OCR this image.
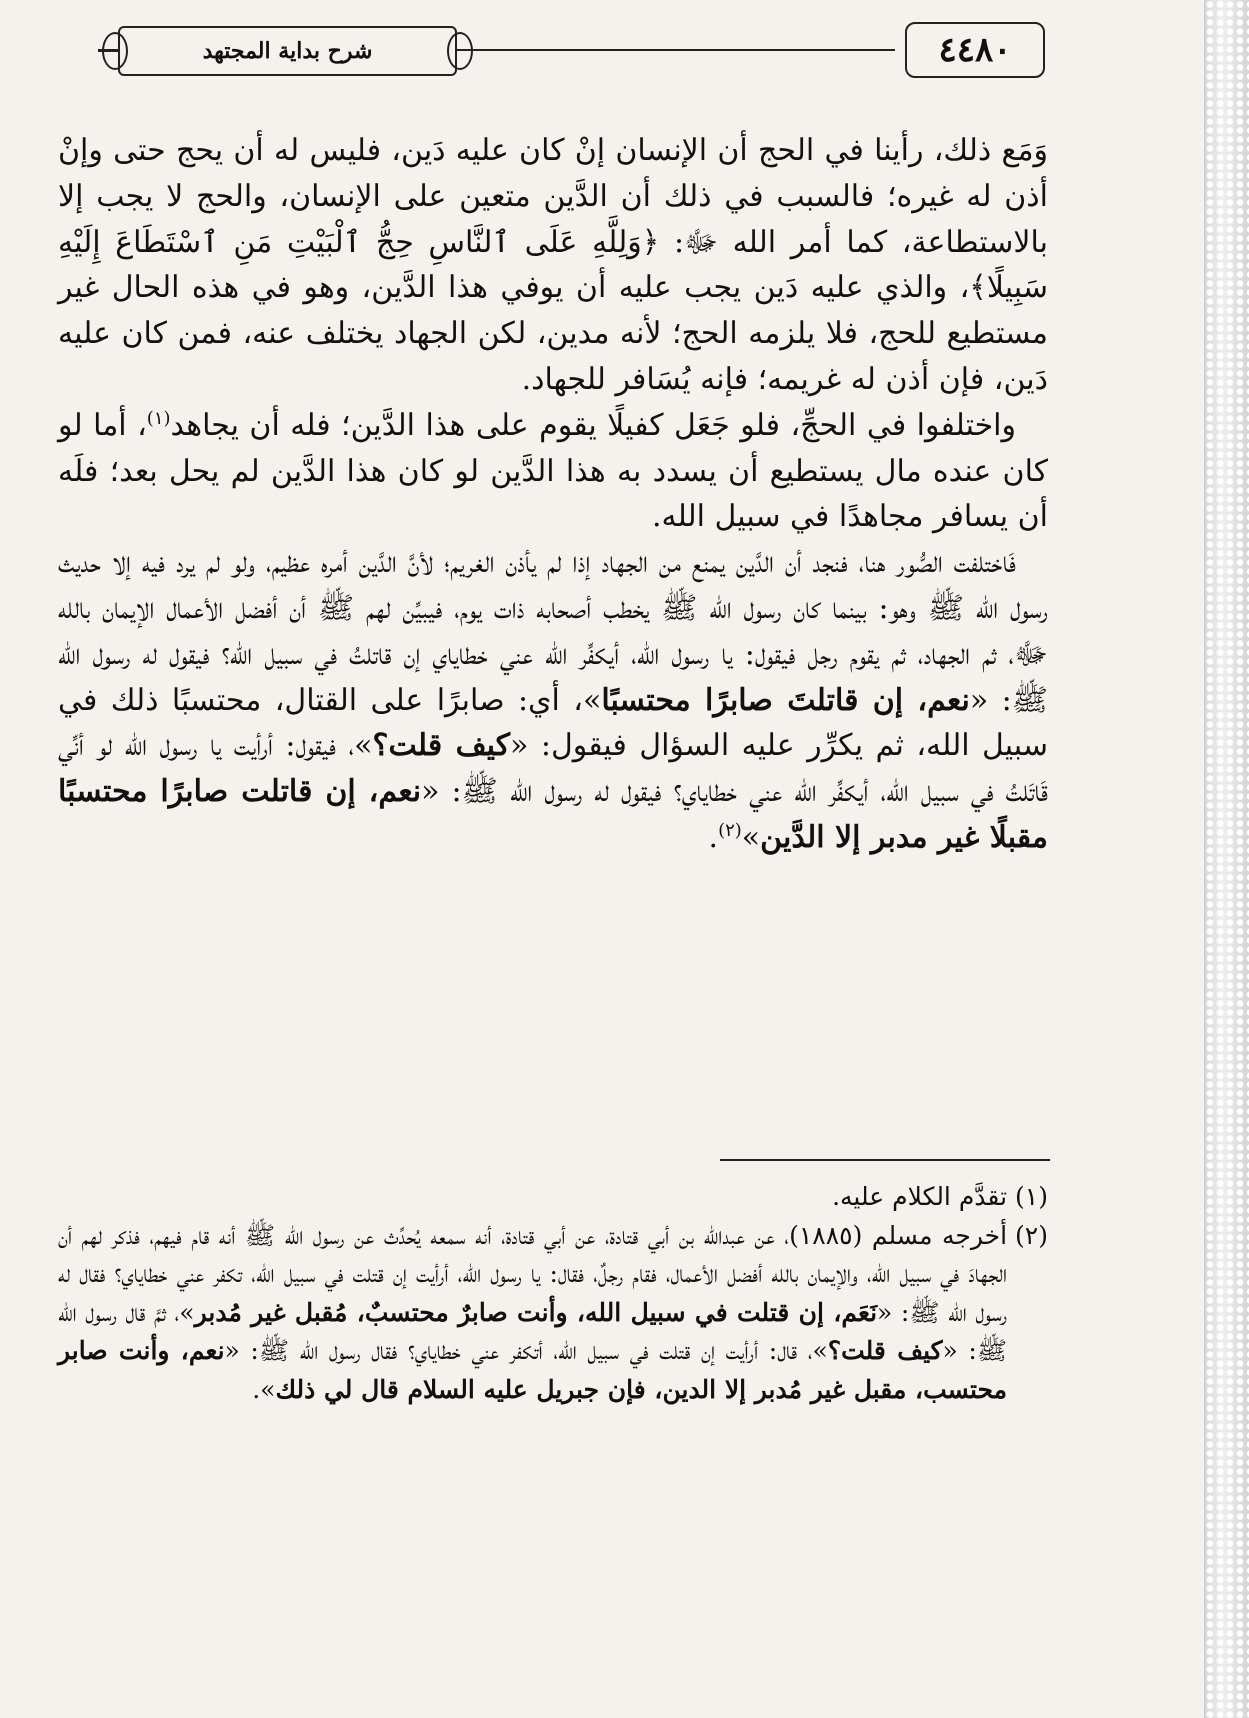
شرح بداية المجتهد	٤٤٨٠

وَمَع ذلك، رأينا في الحج أن الإنسان إنْ كان عليه دَين، فليس له أن يحج حتى وإنْ أذن له غيره؛ فالسبب في ذلك أن الدَّين متعين على الإنسان، والحج لا يجب إلا بالاستطاعة، كما أمر الله ﷻ: ﴿وَلِلَّهِ عَلَى ٱلنَّاسِ حِجُّ ٱلْبَيْتِ مَنِ ٱسْتَطَاعَ إِلَيْهِ سَبِيلًا﴾، والذي عليه دَين يجب عليه أن يوفي هذا الدَّين، وهو في هذه الحال غير مستطيع للحج، فلا يلزمه الحج؛ لأنه مدين، لكن الجهاد يختلف عنه، فمن كان عليه دَين، فإن أذن له غريمه؛ فإنه يُسَافر للجهاد.

واختلفوا في الحجِّ، فلو جَعَل كفيلًا يقوم على هذا الدَّين؛ فله أن يجاهد$^{(١)}$، أما لو كان عنده مال يستطيع أن يسدد به هذا الدَّين لو كان هذا الدَّين لم يحل بعد؛ فلَه أن يسافر مجاهدًا في سبيل الله.

فَاختلفت الصُّور هنا، فنجد أن الدَّين يمنع من الجهاد إذا لم يأذن الغريم؛ لأنَّ الدَّين أمره عظيم، ولو لم يرد فيه إلا حديث رسول الله ﷺ وهو: بينما كان رسول الله ﷺ يخطب أصحابه ذات يوم، فيبيِّن لهم ﷺ أن أفضل الأعمال الإيمان بالله ﷻ، ثم الجهاد، ثم يقوم رجل فيقول: يا رسول الله، أيكفِّر الله عني خطاياي إن قاتلتُ في سبيل الله؟ فيقول له رسول الله ﷺ: «نعم، إن قاتلتَ صابرًا محتسبًا»، أي: صابرًا على القتال، محتسبًا ذلك في سبيل الله، ثم يكرِّر عليه السؤال فيقول: «كيف قلت؟»، فيقول: أرأيت يا رسول الله لو أنِّي قَاتَلتُ في سبيل الله، أيكفِّر الله عني خطاياي؟ فيقول له رسول الله ﷺ: «نعم، إن قاتلت صابرًا محتسبًا مقبلًا غير مدبر إلا الدَّين»$^{(٢)}$.

(١)
تقدَّم الكلام عليه.
(٢)
أخرجه مسلم (١٨٨٥)، عن عبدالله بن أبي قتادة، عن أبي قتادة، أنه سمعه يُحدِّث عن رسول الله ﷺ أنه قام فيهم، فذكر لهم أن الجهادَ في سبيل الله، والإيمان بالله أفضل الأعمال، فقام رجلٌ، فقال: يا رسول الله، أرأيت إن قتلت في سبيل الله، تكفر عني خطاياي؟ فقال له رسول الله ﷺ: «نَعَم، إن قتلت في سبيل الله، وأنت صابرٌ محتسبٌ، مُقبل غير مُدبر»، ثمَّ قال رسول الله ﷺ: «كيف قلت؟»، قال: أرأيت إن قتلت في سبيل الله، أتكفر عني خطاياي؟ فقال رسول الله ﷺ: «نعم، وأنت صابر محتسب، مقبل غير مُدبر إلا الدين، فإن جبريل عليه السلام قال لي ذلك».
